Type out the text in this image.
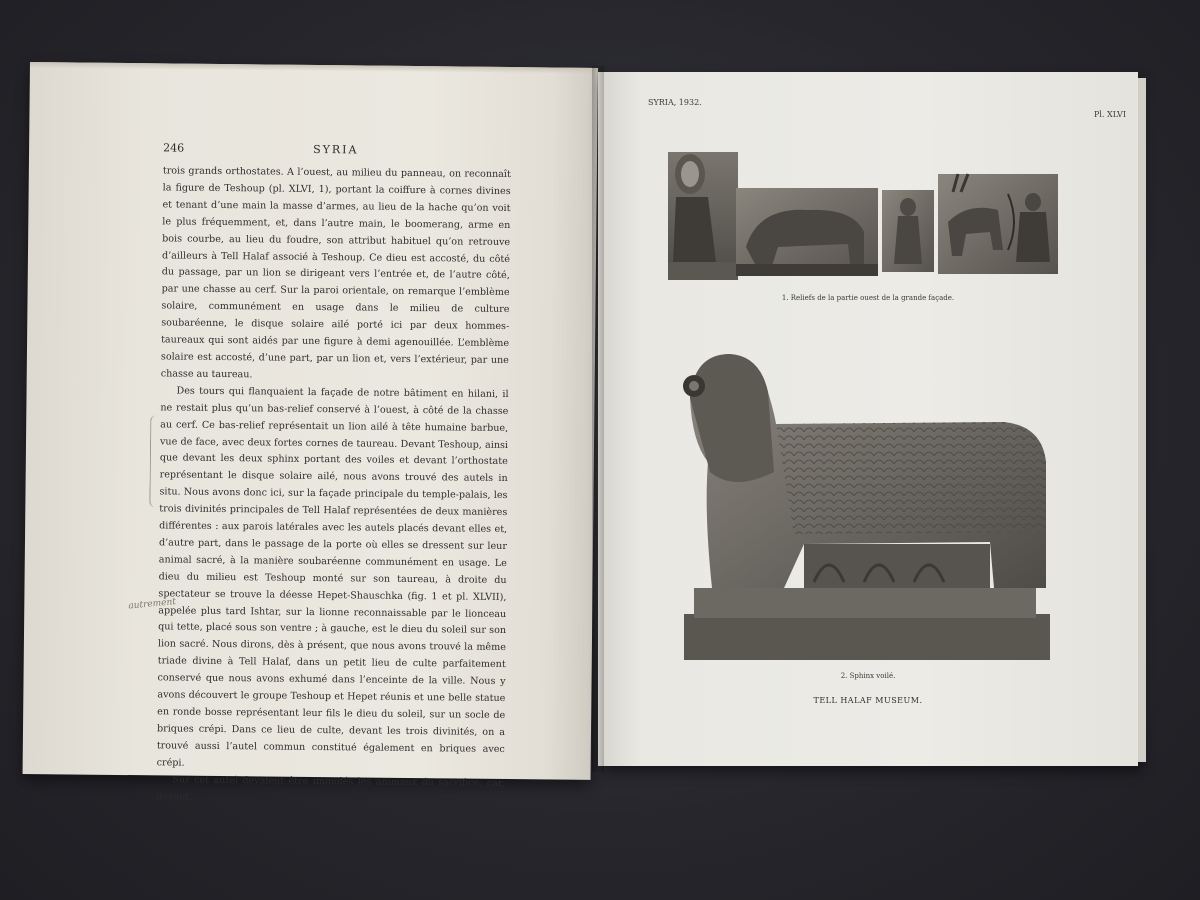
246	SYRIA
autrement

trois grands orthostates. A l’ouest, au milieu du panneau, on reconnaît la figure de Teshoup (pl. XLVI, 1), portant la coiffure à cornes divines et tenant d’une main la masse d’armes, au lieu de la hache qu’on voit le plus fréquemment, et, dans l’autre main, le boomerang, arme en bois courbe, au lieu du foudre, son attribut habituel qu’on retrouve d’ailleurs à Tell Halaf associé à Teshoup. Ce dieu est accosté, du côté du passage, par un lion se dirigeant vers l’entrée et, de l’autre côté, par une chasse au cerf. Sur la paroi orientale, on remarque l’emblème solaire, communément en usage dans le milieu de culture soubaréenne, le disque solaire ailé porté ici par deux hommes-taureaux qui sont aidés par une figure à demi agenouillée. L’emblème solaire est accosté, d’une part, par un lion et, vers l’extérieur, par une chasse au taureau.

Des tours qui flanquaient la façade de notre bâtiment en hilani, il ne restait plus qu’un bas-relief conservé à l’ouest, à côté de la chasse au cerf. Ce bas-relief représentait un lion ailé à tête humaine barbue, vue de face, avec deux fortes cornes de taureau. Devant Teshoup, ainsi que devant les deux sphinx portant des voiles et devant l’orthostate représentant le disque solaire ailé, nous avons trouvé des autels in situ. Nous avons donc ici, sur la façade principale du temple-palais, les trois divinités principales de Tell Halaf représentées de deux manières différentes : aux parois latérales avec les autels placés devant elles et, d’autre part, dans le passage de la porte où elles se dressent sur leur animal sacré, à la manière soubaréenne communément en usage. Le dieu du milieu est Teshoup monté sur son taureau, à droite du spectateur se trouve la déesse Hepet-Shauschka (fig. 1 et pl. XLVII), appelée plus tard Ishtar, sur la lionne reconnaissable par le lionceau qui tette, placé sous son ventre ; à gauche, est le dieu du soleil sur son lion sacré. Nous dirons, dès à présent, que nous avons trouvé la même triade divine à Tell Halaf, dans un petit lieu de culte parfaitement conservé que nous avons exhumé dans l’enceinte de la ville. Nous y avons découvert le groupe Teshoup et Hepet réunis et une belle statue en ronde bosse représentant leur fils le dieu du soleil, sur un socle de briques crépi. Dans ce lieu de culte, devant les trois divinités, on a trouvé aussi l’autel commun constitué également en briques avec crépi.

Sur cet autel devaient être immolés les animaux du sacrifice, car, devant,

SYRIA, 1932.
Pl. XLVI
1. Reliefs de la partie ouest de la grande façade.
2. Sphinx voilé.
TELL HALAF MUSEUM.
